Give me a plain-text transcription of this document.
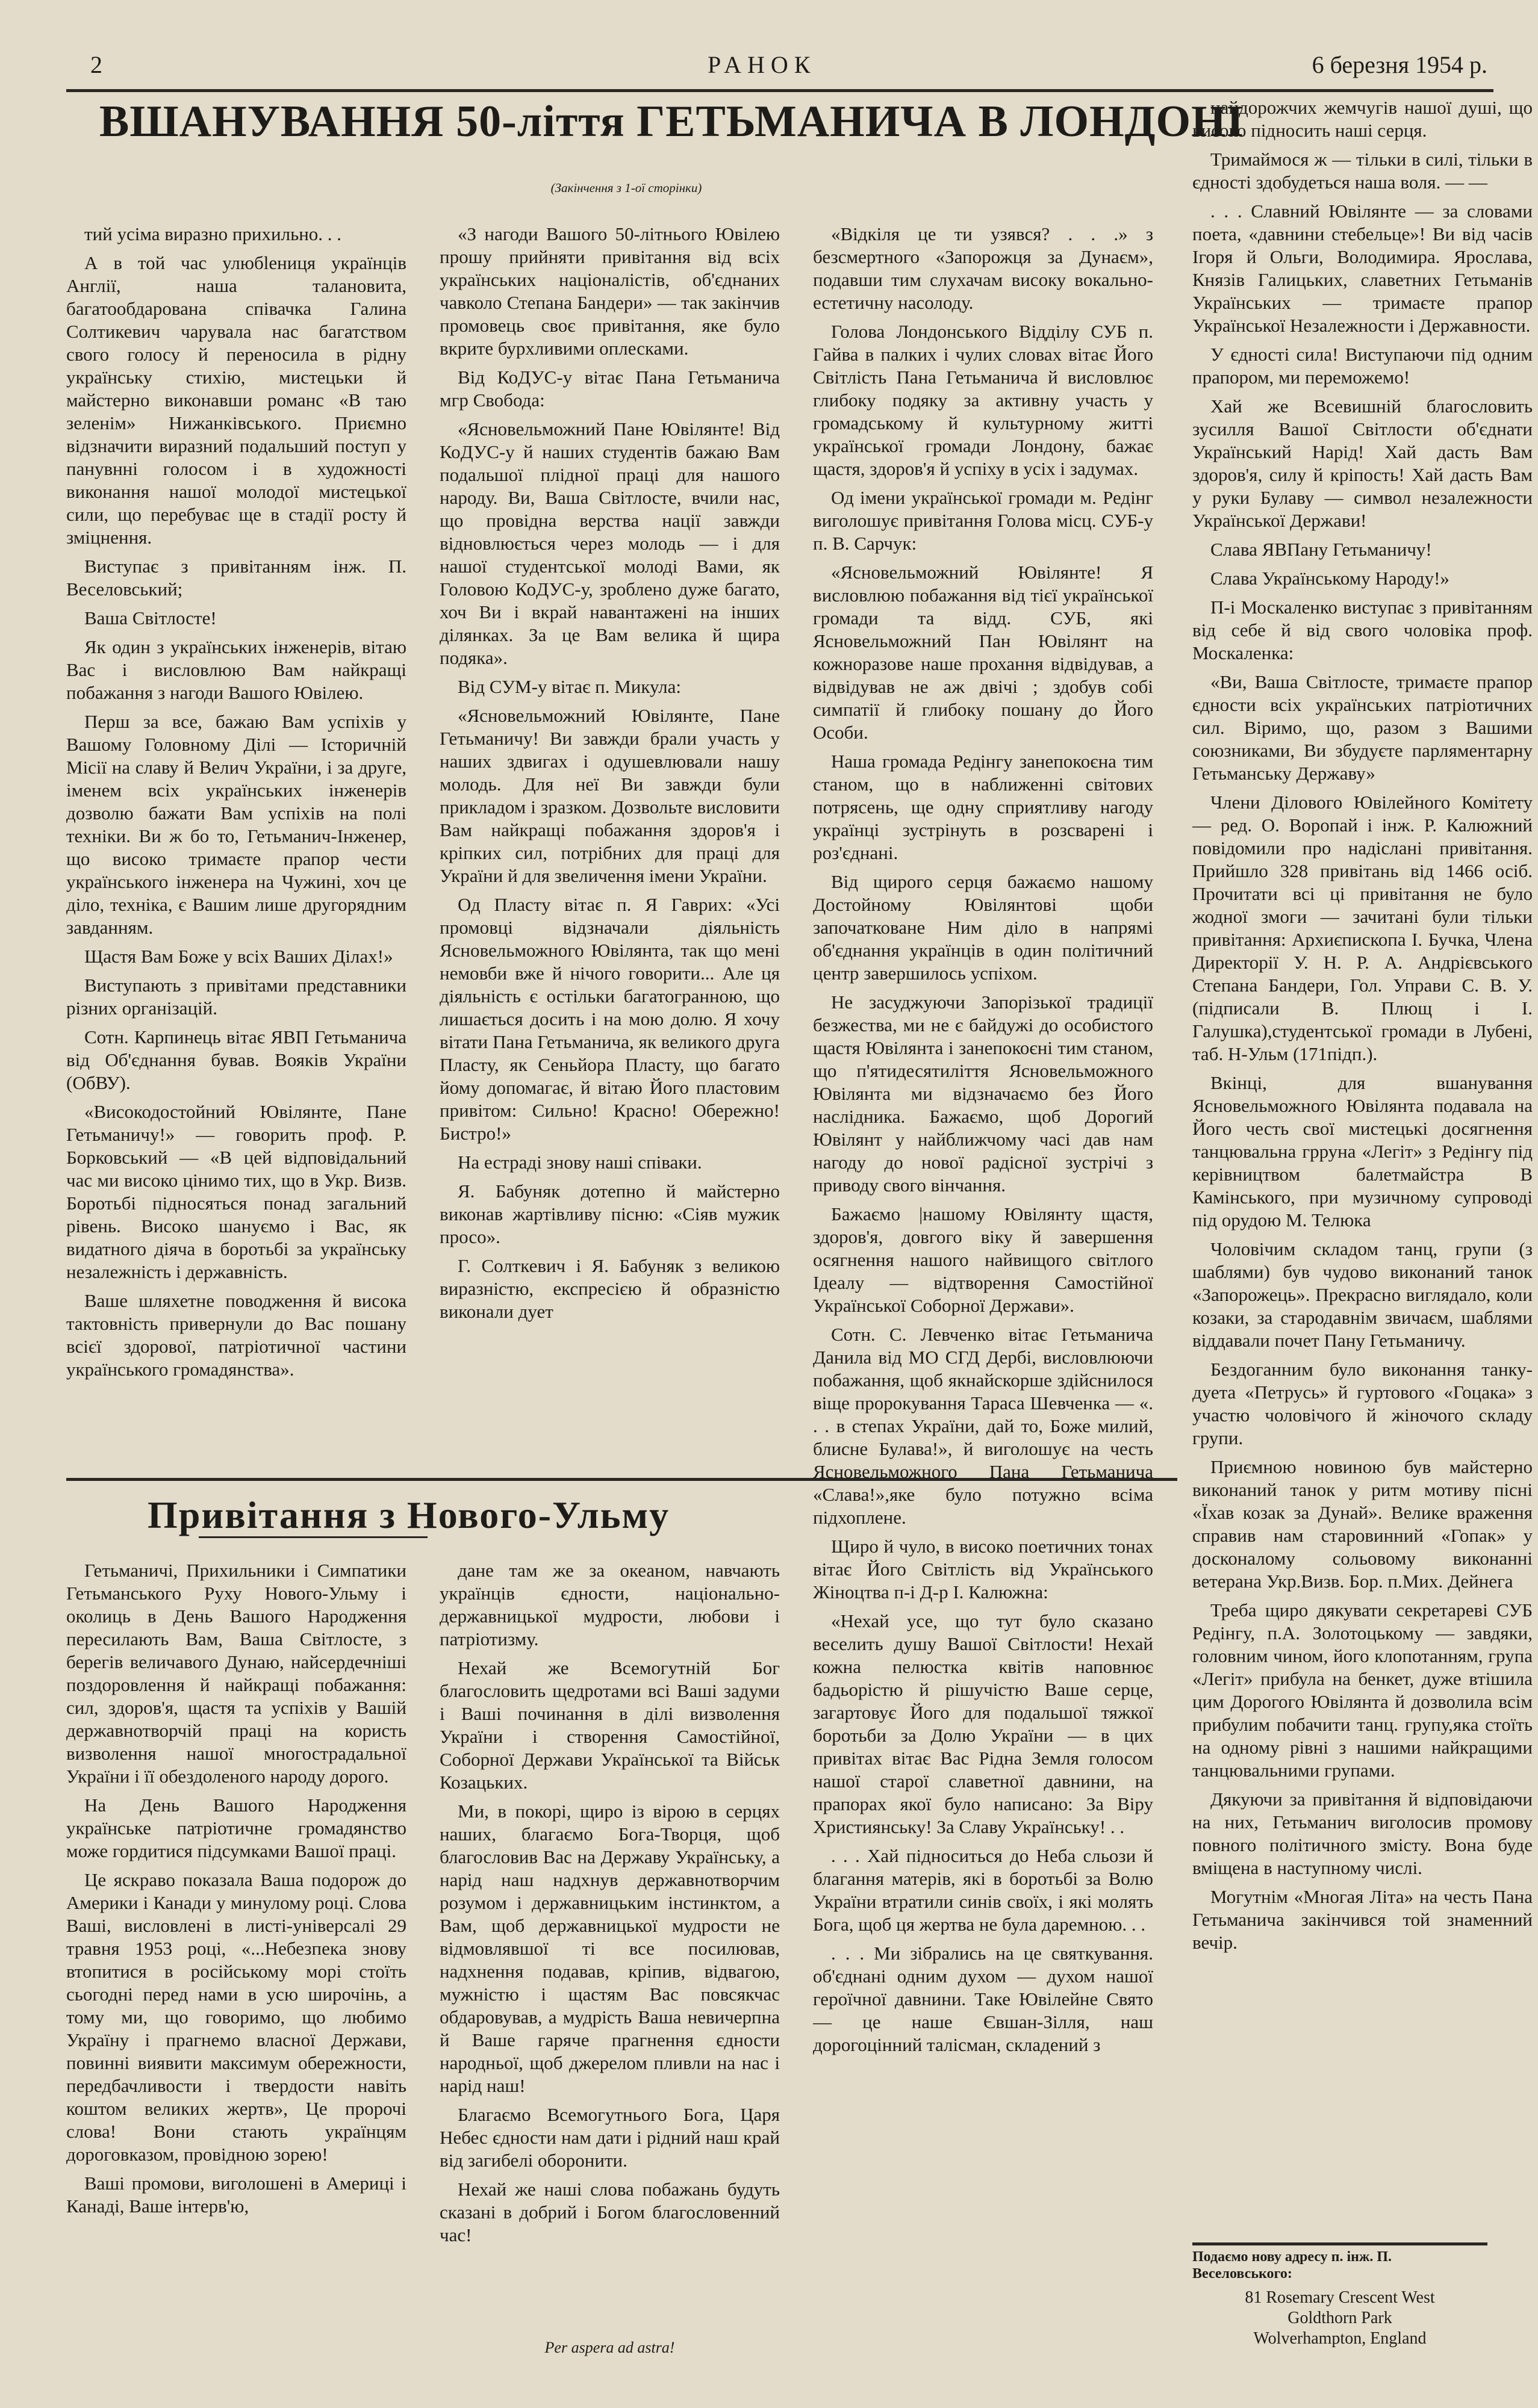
2	РАНОК	6 березня 1954 р.
ВШАНУВАННЯ 50-ліття ГЕТЬМАНИЧА В ЛОНДОНІ
(Закінчення з 1-ої сторінки)

тий усіма виразно прихильно. . .

А в той час улюбleниця українців Англії, наша талановита, багатообдарована співачка Галина Солтикевич чарувала нас багатством свого голосу й переносила в рідну українську стихію, мистецьки й майстерно виконавши романс «В таю зеленім» Нижанківського. Приємно відзначити виразний подальший поступ у панувнні голосом і в художності виконання нашої молодої мистецької сили, що перебуває ще в стадії росту й зміцнення.

Виступає з привітанням інж. П. Веселовський;

Ваша Світлосте!

Як один з українських інженерів, вітаю Вас і висловлюю Вам найкращі побажання з нагоди Вашого Ювілею.

Перш за все, бажаю Вам успіхів у Вашому Головному Ділі — Історичній Місії на славу й Велич України, і за друге, іменем всіх українських інженерів дозволю бажати Вам успіхів на полі техніки. Ви ж бо то, Гетьманич-Інженер, що високо тримаєте прапор чести українського інженера на Чужині, хоч це діло, техніка, є Вашим лише другорядним завданням.

Щастя Вам Боже у всіх Ваших Ділах!»

Виступають з привітами представники різних організацій.

Сотн. Карпинець вітає ЯВП Гетьманича від Об'єднання бував. Вояків України (ОбВУ).

«Високодостойний Ювілянте, Пане Гетьманичу!» — говорить проф. Р. Борковський — «В цей відповідальний час ми високо цінимо тих, що в Укр. Визв. Боротьбі підносяться понад загальний рівень. Високо шануємо і Вас, як видатного діяча в боротьбі за українську незалежність і державність.

Ваше шляхетне поводження й висока тактовність привернули до Вас пошану всієї здорової, патріотичної частини українського громадянства».

«З нагоди Вашого 50-літнього Ювілею прошу прийняти привітання від всіх українських націоналістів, об'єднаних чавколо Степана Бандери» — так закінчив промовець своє привітання, яке було вкрите бурхливими оплесками.

Від КоДУС-у вітає Пана Гетьманича мгр Свобода:

«Ясновельможний Пане Ювілянте! Від КоДУС-у й наших студентів бажаю Вам подальшої плідної праці для нашого народу. Ви, Ваша Світлосте, вчили нас, що провідна верства нації завжди відновлюється через молодь — і для нашої студентської молоді Вами, як Головою КоДУС-у, зроблено дуже багато, хоч Ви і вкрай навантажені на інших ділянках. За це Вам велика й щира подяка».

Від СУМ-у вітає п. Микула:

«Ясновельможний Ювілянте, Пане Гетьманичу! Ви завжди брали участь у наших здвигах і одушевлювали нашу молодь. Для неї Ви завжди були прикладом і зразком. Дозвольте висловити Вам найкращі побажання здоров'я і кріпких сил, потрібних для праці для України й для звеличення імени України.

Од Пласту вітає п. Я Гаврих: «Усі промовці відзначали діяльність Ясновельможного Ювілянта, так що мені немовби вже й нічого говорити... Але ця діяльність є остільки багатогранною, що лишається досить і на мою долю. Я хочу вітати Пана Гетьманича, як великого друга Пласту, як Сеньйора Пласту, що багато йому допомагає, й вітаю Його пластовим привітом: Сильно! Красно! Обережно! Бистро!»

На естраді знову наші співаки.

Я. Бабуняк дотепно й майстерно виконав жартівливу пісню: «Сіяв мужик просо».

Г. Солткевич і Я. Бабуняк з великою виразністю, експресією й образністю виконали дует

«Відкіля це ти узявся? . . .» з безсмертного «Запорожця за Дунаєм», подавши тим слухачам високу вокально-естетичну насолоду.

Голова Лондонського Відділу СУБ п. Гайва в палких і чулих словах вітає Його Світлість Пана Гетьманича й висловлює глибоку подяку за активну участь у громадському й культурному житті української громади Лондону, бажає щастя, здоров'я й успіху в усіх і задумах.

Од імени української громади м. Редінг виголошує привітання Голова місц. СУБ-у п. В. Сарчук:

«Ясновельможний Ювілянте! Я висловлюю побажання від тієї української громади та відд. СУБ, які Ясновельможний Пан Ювілянт на кожноразове наше прохання відвідував, а відвідував не аж двічі ; здобув собі симпатії й глибоку пошану до Його Особи.

Наша громада Редінгу занепокоєна тим станом, що в наближенні світових потрясень, щe одну сприятливу нагоду українці зустрінуть в розсварені і роз'єднані.

Від щирого серця бажаємо нашому Достойному Ювілянтові щоби започатковане Ним діло в напрямі об'єднання українців в один політичний центр завершилось успіхом.

Не засуджуючи Запорізької традиції безжества, ми не є байдужі до особистого щастя Ювілянта і занепокоєні тим станом, що п'ятидесятиліття Ясновельможного Ювілянта ми відзначаємо без Його наслідника. Бажаємо, щоб Дорогий Ювілянт у найближчому часі дав нам нагоду до нової радісної зустрічі з приводу свого вінчання.

Бажаємо |нашому Ювілянту щастя, здоров'я, довгого віку й завершення осягнення нашого найвищого світлого Ідеалу — відтворення Самостійної Української Соборної Держави».

Сотн. С. Левченко вітає Гетьманича Данила від МО СГД Дербі, висловлюючи побажання, щоб якнайскорше здійснилося віще пророкування Тараса Шевченка — «. . . в степах України, дай то, Боже милий, блисне Булава!», й виголошує на честь Ясновельможного Пана Гетьманича «Слава!»,яке було потужно всіма підхоплене.

Щиро й чуло, в високо поетичних тонах вітає Його Світлість від Українського Жіноцтва п-і Д-р І. Калюжна:

«Нехай усе, що тут було сказано веселить душу Вашої Світлости! Нехай кожна пелюстка квітів наповнює бадьорістю й рішучістю Ваше серце, загартовує Його для подальшої тяжкої боротьби за Долю України — в цих привітах вітає Вас Рідна Земля голосом нашої старої славетної давнини, на прапорах якої було написано: За Віру Християнську! За Славу Українську! . .

. . . Хай підноситься до Неба сльози й благання матерів, які в боротьбі за Волю України втратили синів своїх, і які молять Бога, щоб ця жертва не була даремною. . .

. . . Ми зібрались на це святкування. об'єднані одним духом — духом нашої героїчної давнини. Таке Ювілейне Свято — це наше Євшан-Зілля, наш дорогоцінний талісман, складений з

найдорожчих жемчугів нашої душі, що високо підносить наші серця.

Тримаймося ж — тільки в силі, тільки в єдності здобудеться наша воля. — —

. . . Славний Ювілянте — за словами поета, «давнини стебельце»! Ви від часів Ігоря й Ольги, Володимира. Ярослава, Князів Галицьких, славетних Гетьманів Українських — тримаєте прапор Української Незалежности і Державности.

У єдності сила! Виступаючи під одним прапором, ми переможемо!

Хай же Всевишній благословить зусилля Вашої Світлости об'єднати Український Нарід! Хай дасть Вам здоров'я, силу й кріпость! Хай дасть Вам у руки Булаву — символ незалежности Української Держави!

Слава ЯВПану Гетьманичу!

Слава Українському Народу!»

П-і Москаленко виступає з привітанням від себе й від свого чоловіка проф. Москаленка:

«Ви, Ваша Світлосте, тримаєте прапор єдности всіх українських патріотичних сил. Віримо, що, разом з Вашими союзниками, Ви збудуєте парляментарну Гетьманську Державу»

Члени Ділового Ювілейного Комітету — ред. О. Воропай і інж. Р. Калюжний повідомили про надіслані привітання. Прийшло 328 привітань від 1466 осіб. Прочитати всі ці привітання не було жодної змоги — зачитані були тільки привітання: Архиєпископа І. Бучка, Члена Директорії У. Н. Р. А. Андрієвського Степана Бандери, Гол. Управи С. В. У. (підписали В. Плющ і І. Галушка),студентської громади в Лубені, таб. Н-Ульм (171підп.).

Вкінці, для вшанування Ясновельможного Ювілянта подавала на Його честь свої мистецькі досягнення танцювальна грруна «Легіт» з Редінгу під керівництвом балетмайстра В Камінського, при музичному супроводі під орудою М. Телюка

Чоловічим складом танц, групи (з шаблями) був чудово виконаний танок «Запорожець». Прекрасно виглядало, коли козаки, за стародавнім звичаєм, шаблями віддавали почет Пану Гетьманичу.

Бездоганним було виконання танку-дуета «Петрусь» й гуртового «Гоцака» з участю чоловічого й жіночого складу групи.

Приємною новиною був майстерно виконаний танок у ритм мотиву пісні «Їхав козак за Дунай». Велике враження справив нам старовинний «Гопак» у досконалому сольовому виконанні ветерана Укр.Визв. Бор. п.Мих. Дейнега

Треба щиро дякувати секретареві СУБ Редінгу, п.А. Золотоцькому — завдяки, головним чином, його клопотанням, група «Легіт» прибула на бенкет, дуже втішила цим Дорогого Ювілянта й дозволила всім прибулим побачити танц. групу,яка стоїть на одному рівні з нашими найкращими танцювальними групами.

Дякуючи за привітання й відповідаючи на них, Гетьманич виголосив промову повного політичного змісту. Вона буде вміщена в наступному числі.

Могутнім «Многая Літа» на честь Пана Гетьманича закінчився той знаменний вечір.

Привітання з Нового-Ульму

Гетьманичі, Прихильники і Симпатики Гетьманського Руху Нового-Ульму і околиць в День Вашого Народження пересилають Вам, Ваша Світлосте, з берегів величавого Дунаю, найсердечніші поздоровлення й найкращі побажання: сил, здоров'я, щастя та успіхів у Вашій державнотворчій праці на користь визволення нашої многострадальної України і її обездоленого народу дорого.

На День Вашого Народження українське патріотичне громадянство може гордитися підсумками Вашої праці.

Це яскраво показала Ваша подорож до Америки і Канади у минулому році. Слова Ваші, висловлені в листі-універсалі 29 травня 1953 році, «...Небезпека знову втопитися в російському морі стоїть сьогодні перед нами в усю широчінь, а тому ми, що говоримо, що любимо Україну і прагнемо власної Держави, повинні виявити максимум обережности, передбачливости і твердости навіть коштом великих жертв», Це пророчі слова! Вони стають українцям дороговказом, провідною зорею!

Ваші промови, виголошені в Америці і Канаді, Ваше інтерв'ю,

дане там же за океаном, навчають українців єдности, національно-державницької мудрости, любови і патріотизму.

Нехай же Всемогутній Бог благословить щедротами всі Ваші задуми і Ваші починання в ділі визволення України і створення Самостійної, Соборної Держави Української та Військ Козацьких.

Ми, в покорі, щиро із вірою в серцях наших, благаємо Бога-Творця, щоб благословив Вас на Державу Українську, а нарід наш надхнув державнотворчим розумом і державницьким інстинктом, а Вам, щоб державницької мудрости не відмовлявшої ті все посилював, надхнення подавав, кріпив, відвагою, мужністю і щастям Вас повсякчас обдаровував, а мудрість Ваша невичерпна й Ваше гаряче прагнення єдности народньої, щоб джерелом пливли на нас і нарід наш!

Благаємо Всемогутнього Бога, Царя Небес єдности нам дати і рідний наш край від загибелі оборонити.

Нехай же наші слова побажань будуть сказані в добрий і Богом благословенний час!

Per aspera ad astra!
Подаємо нову адресу п. інж. П. Веселовського:
81 Rosemary Crescent West
Goldthorn Park
Wolverhampton, England
